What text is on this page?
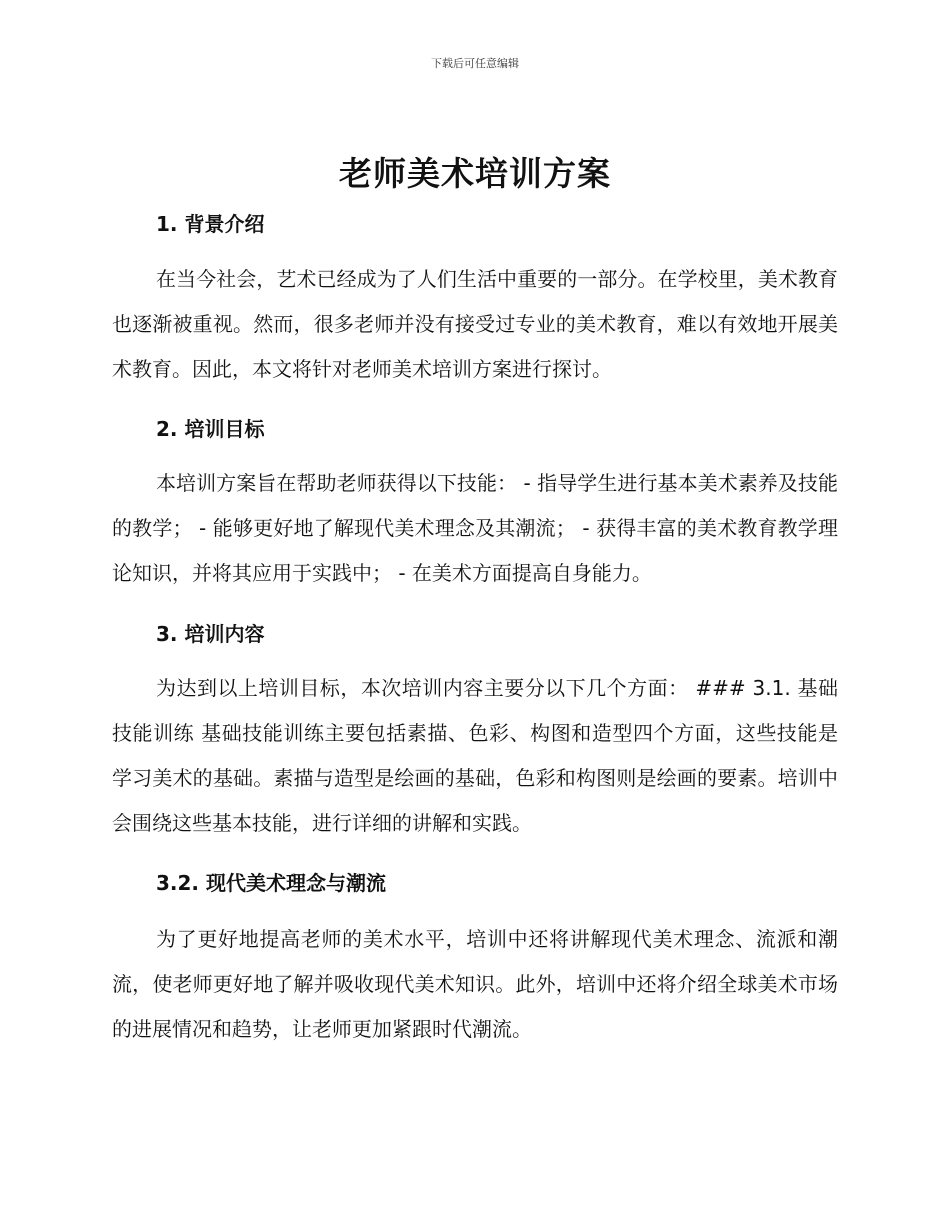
下载后可任意编辑
老师美术培训方案
1. 背景介绍

在当今社会，艺术已经成为了人们生活中重要的一部分。在学校里，美术教育也逐渐被重视。然而，很多老师并没有接受过专业的美术教育，难以有效地开展美术教育。因此，本文将针对老师美术培训方案进行探讨。

2. 培训目标

本培训方案旨在帮助老师获得以下技能： - 指导学生进行基本美术素养及技能的教学； - 能够更好地了解现代美术理念及其潮流； - 获得丰富的美术教育教学理论知识，并将其应用于实践中； - 在美术方面提高自身能力。

3. 培训内容

为达到以上培训目标，本次培训内容主要分以下几个方面： ### 3.1. 基础技能训练 基础技能训练主要包括素描、色彩、构图和造型四个方面，这些技能是学习美术的基础。素描与造型是绘画的基础，色彩和构图则是绘画的要素。培训中会围绕这些基本技能，进行详细的讲解和实践。

3.2. 现代美术理念与潮流

为了更好地提高老师的美术水平，培训中还将讲解现代美术理念、流派和潮流，使老师更好地了解并吸收现代美术知识。此外，培训中还将介绍全球美术市场的进展情况和趋势，让老师更加紧跟时代潮流。
